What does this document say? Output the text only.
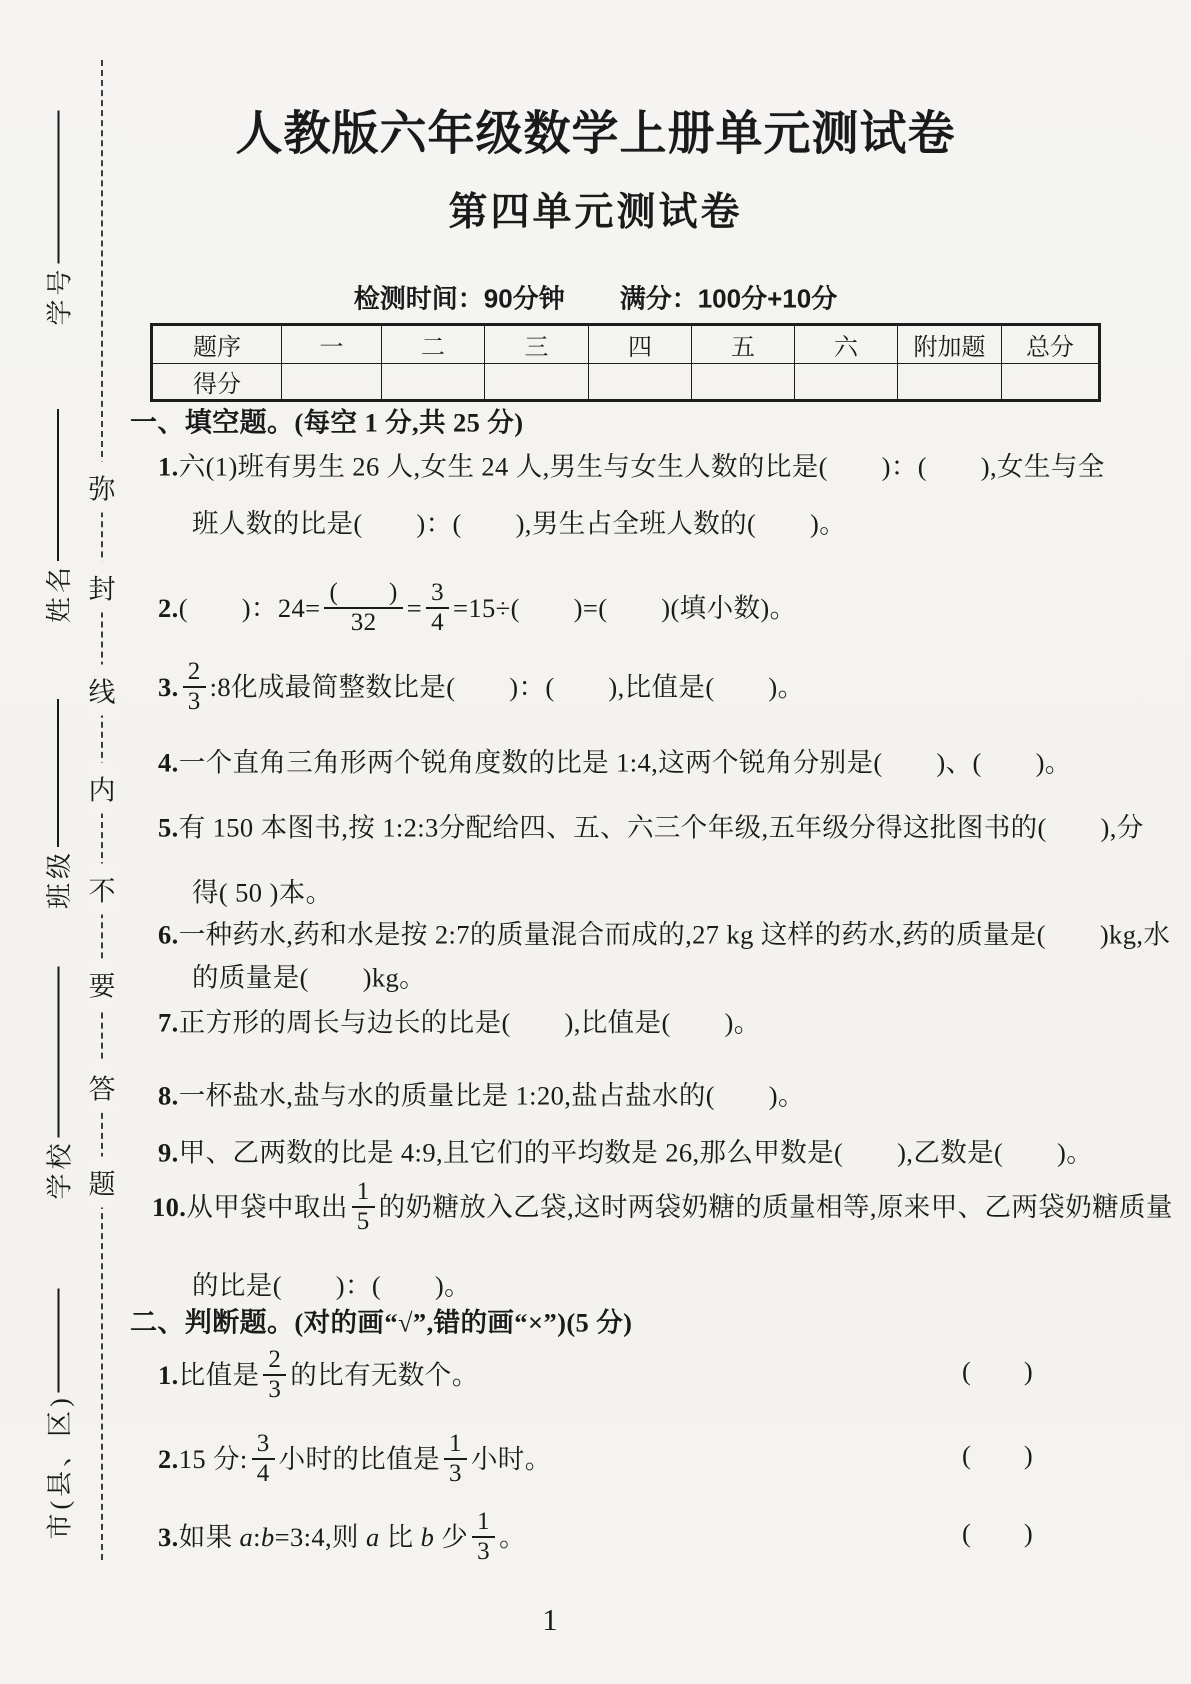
人教版六年级数学上册单元测试卷
第四单元测试卷
检测时间：90分钟 满分：100分+10分
题序	一	二	三	四	五	六	附加题	总分
得分								
学号
姓名
班级
学校
市(县、区)
弥
封
线
内
不
要
答
题
一、填空题。(每空 1 分,共 25 分)
1.六(1)班有男生 26 人,女生 24 人,男生与女生人数的比是(　　)：(　　),女生与全
班人数的比是(　　)：(　　),男生占全班人数的(　　)。
2.(　　)：$24= \frac{( )}{32} = \frac{3}{4} =15\div$(　　)=(　　)(填小数)。
3. $\frac{2}{3}$ :8化成最简整数比是(　　)：(　　),比值是(　　)。
4.一个直角三角形两个锐角度数的比是 1:4,这两个锐角分别是(　　)、(　　)。
5.有 150 本图书,按 1:2:3分配给四、五、六三个年级,五年级分得这批图书的(　　),分
得( 50 )本。
6.一种药水,药和水是按 2:7的质量混合而成的,27 kg 这样的药水,药的质量是(　　)kg,水
的质量是(　　)kg。
7.正方形的周长与边长的比是(　　),比值是(　　)。
8.一杯盐水,盐与水的质量比是 1:20,盐占盐水的(　　)。
9.甲、乙两数的比是 4:9,且它们的平均数是 26,那么甲数是(　　),乙数是(　　)。
10.从甲袋中取出 $\frac{1}{5}$ 的奶糖放入乙袋,这时两袋奶糖的质量相等,原来甲、乙两袋奶糖质量
的比是(　　)：(　　)。
二、判断题。(对的画“√”,错的画“×”)(5 分)
1.比值是 $\frac{2}{3}$ 的比有无数个。	(　　)
2.15 分: $\frac{3}{4}$ 小时的比值是 $\frac{1}{3}$ 小时。	(　　)
3.如果 a:b=3:4,则 a 比 b 少 $\frac{1}{3}$ 。	(　　)
1
